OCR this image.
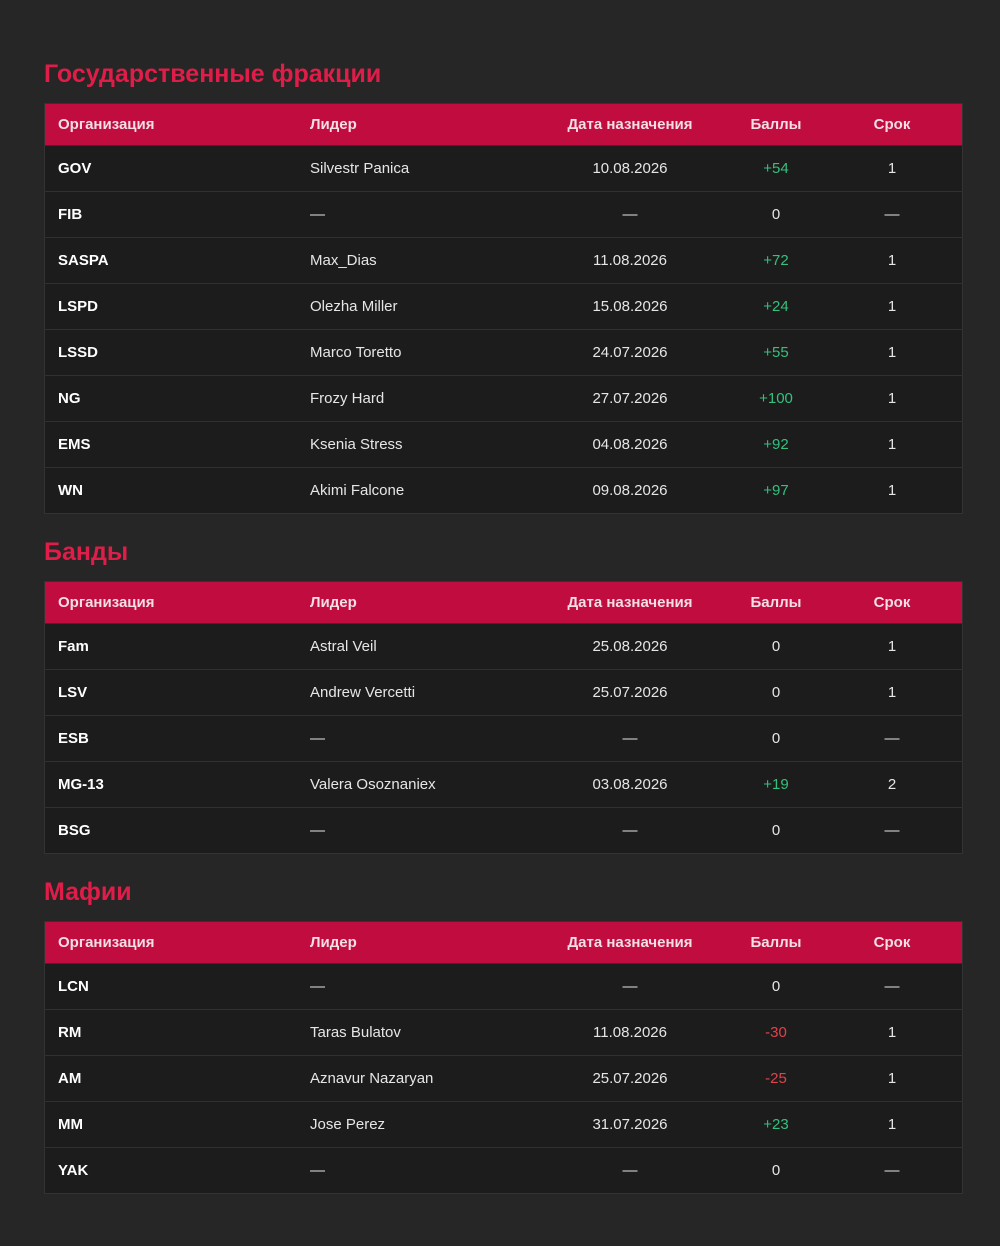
Государственные фракции
Организация	Лидер	Дата назначения	Баллы	Срок
GOV	Silvestr Panica	10.08.2026	+54	1
FIB	—	—	0	—
SASPA	Max_Dias	11.08.2026	+72	1
LSPD	Olezha Miller	15.08.2026	+24	1
LSSD	Marco Toretto	24.07.2026	+55	1
NG	Frozy Hard	27.07.2026	+100	1
EMS	Ksenia Stress	04.08.2026	+92	1
WN	Akimi Falcone	09.08.2026	+97	1
Банды
Организация	Лидер	Дата назначения	Баллы	Срок
Fam	Astral Veil	25.08.2026	0	1
LSV	Andrew Vercetti	25.07.2026	0	1
ESB	—	—	0	—
MG-13	Valera Osoznaniex	03.08.2026	+19	2
BSG	—	—	0	—
Мафии
Организация	Лидер	Дата назначения	Баллы	Срок
LCN	—	—	0	—
RM	Taras Bulatov	11.08.2026	-30	1
AM	Aznavur Nazaryan	25.07.2026	-25	1
MM	Jose Perez	31.07.2026	+23	1
YAK	—	—	0	—
